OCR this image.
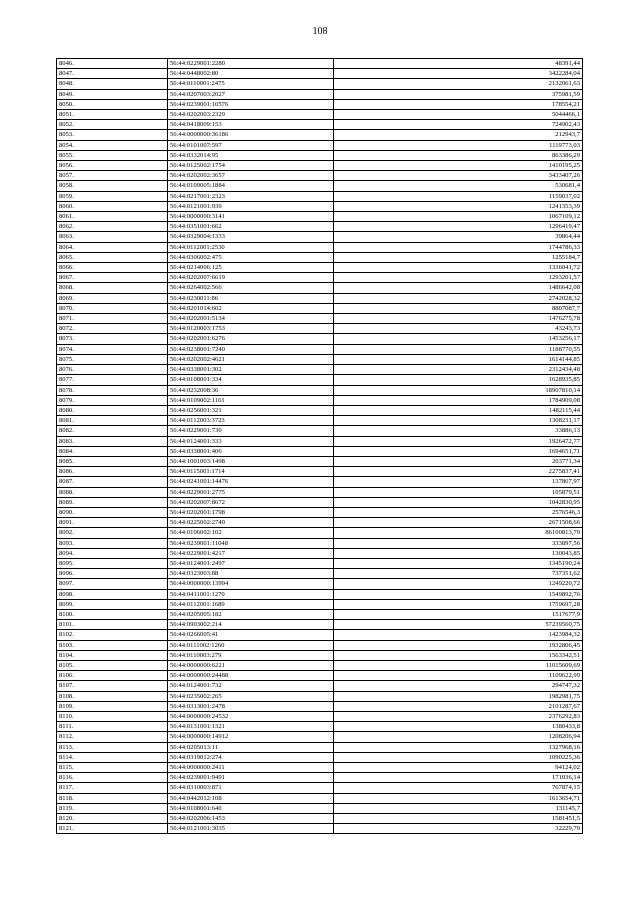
108
8046.	56:44:0229001:2280	48391,44
8047.	56:44:0448002:80	3422284,04
8048.	56:44:0110001:2475	2132061,63
8049.	56:44:0207003:2027	375981,59
8050.	56:44:0239001:10576	178554,21
8051.	56:44:0202003:2329	5044466,1
8052.	56:44:0418009:153	724902,43
8053.	56:44:0000000:36186	212943,7
8054.	56:44:0101007:597	1119773,03
8055.	56:44:0332014:95	863386,29
8056.	56:44:0125002:1754	1410195,25
8057.	56:44:0202002:3657	3433407,26
8058.	56:44:0109005:1884	530681,4
8059.	56:44:0217001:2323	1159037,02
8060.	56:44:0121001:939	1241353,39
8061.	56:44:0000000:3141	1067109,12
8062.	56:44:0351001:662	1296419,47
8063.	56:44:0329004:1333	39864,44
8064.	56:44:0112001:2530	1744786,33
8065.	56:44:0306002:475	1255184,7
8066.	56:44:0214006:125	1336041,72
8067.	56:44:0202007:6619	1293201,57
8068.	56:44:0264002:566	1486642,08
8069.	56:44:0230011:86	2742028,32
8070.	56:44:0201014:602	8807087,7
8071.	56:44:0202001:5134	1476275,78
8072.	56:44:0120003:1753	43243,73
8073.	56:44:0202001:6276	1453256,17
8074.	56:44:0238001:7240	1188770,55
8075.	56:44:0202002:4621	1614144,85
8076.	56:44:0338001:302	2312434,48
8077.	56:44:0108001:334	1628935,85
8078.	56:44:0232008:36	18907810,14
8079.	56:44:0109002:1161	1784909,08
8080.	56:44:0256001:321	1482115,44
8081.	56:44:0112003:3723	1308231,17
8082.	56:44:0229001:730	33886,13
8083.	56:44:0124001:333	1926472,77
8084.	56:44:0338001:406	1694651,71
8085.	56:44:1001003:1498	203771,34
8086.	56:44:0115001:1714	2275837,41
8087.	56:44:0241001:14476	137867,97
8088.	56:44:0229001:2775	105879,51
8089.	56:44:0202007:8672	1042830,95
8090.	56:44:0202001:1798	2576546,3
8091.	56:44:0225002:2740	2671508,66
8092.	56:44:0106002:102	86100813,79
8093.	56:44:0239001:11048	333897,56
8094.	56:44:0229001:4217	130043,85
8095.	56:44:0124001:2497	1345190,24
8096.	56:44:0323003:88	737351,62
8097.	56:44:0000000:13994	1249220,72
8098.	56:44:0411001:1270	1549892,76
8099.	56:44:0112001:1689	1759697,28
8100.	56:44:0205005:182	1517677,9
8101.	56:44:0903002:214	57239560,75
8102.	56:44:0266005:41	1423984,32
8103.	56:44:0111002:1260	1932806,45
8104.	56:44:0110003:279	1563342,51
8105.	56:44:0000000:6221	11015609,69
8106.	56:44:0000000:24488	1109622,99
8107.	56:44:0124001:732	294747,32
8108.	56:44:0235002:265	1982981,75
8109.	56:44:0313001:2478	2101287,67
8110.	56:44:0000000:24532	2376292,83
8111.	56:44:0131001:1321	1380433,8
8112.	56:44:0000000:14912	1208206,94
8113.	56:44:0205013:11	1327968,16
8114.	56:44:0319012:274	1090225,36
8115.	56:44:0000000:2411	94124,02
8116.	56:44:0239001:9491	171036,14
8117.	56:44:0310003:871	767874,15
8118.	56:44:0442012:108	1613654,71
8119.	56:44:0108001:640	131145,7
8120.	56:44:0202006:1453	1581451,5
8121.	56:44:0121001:3035	32229,79
